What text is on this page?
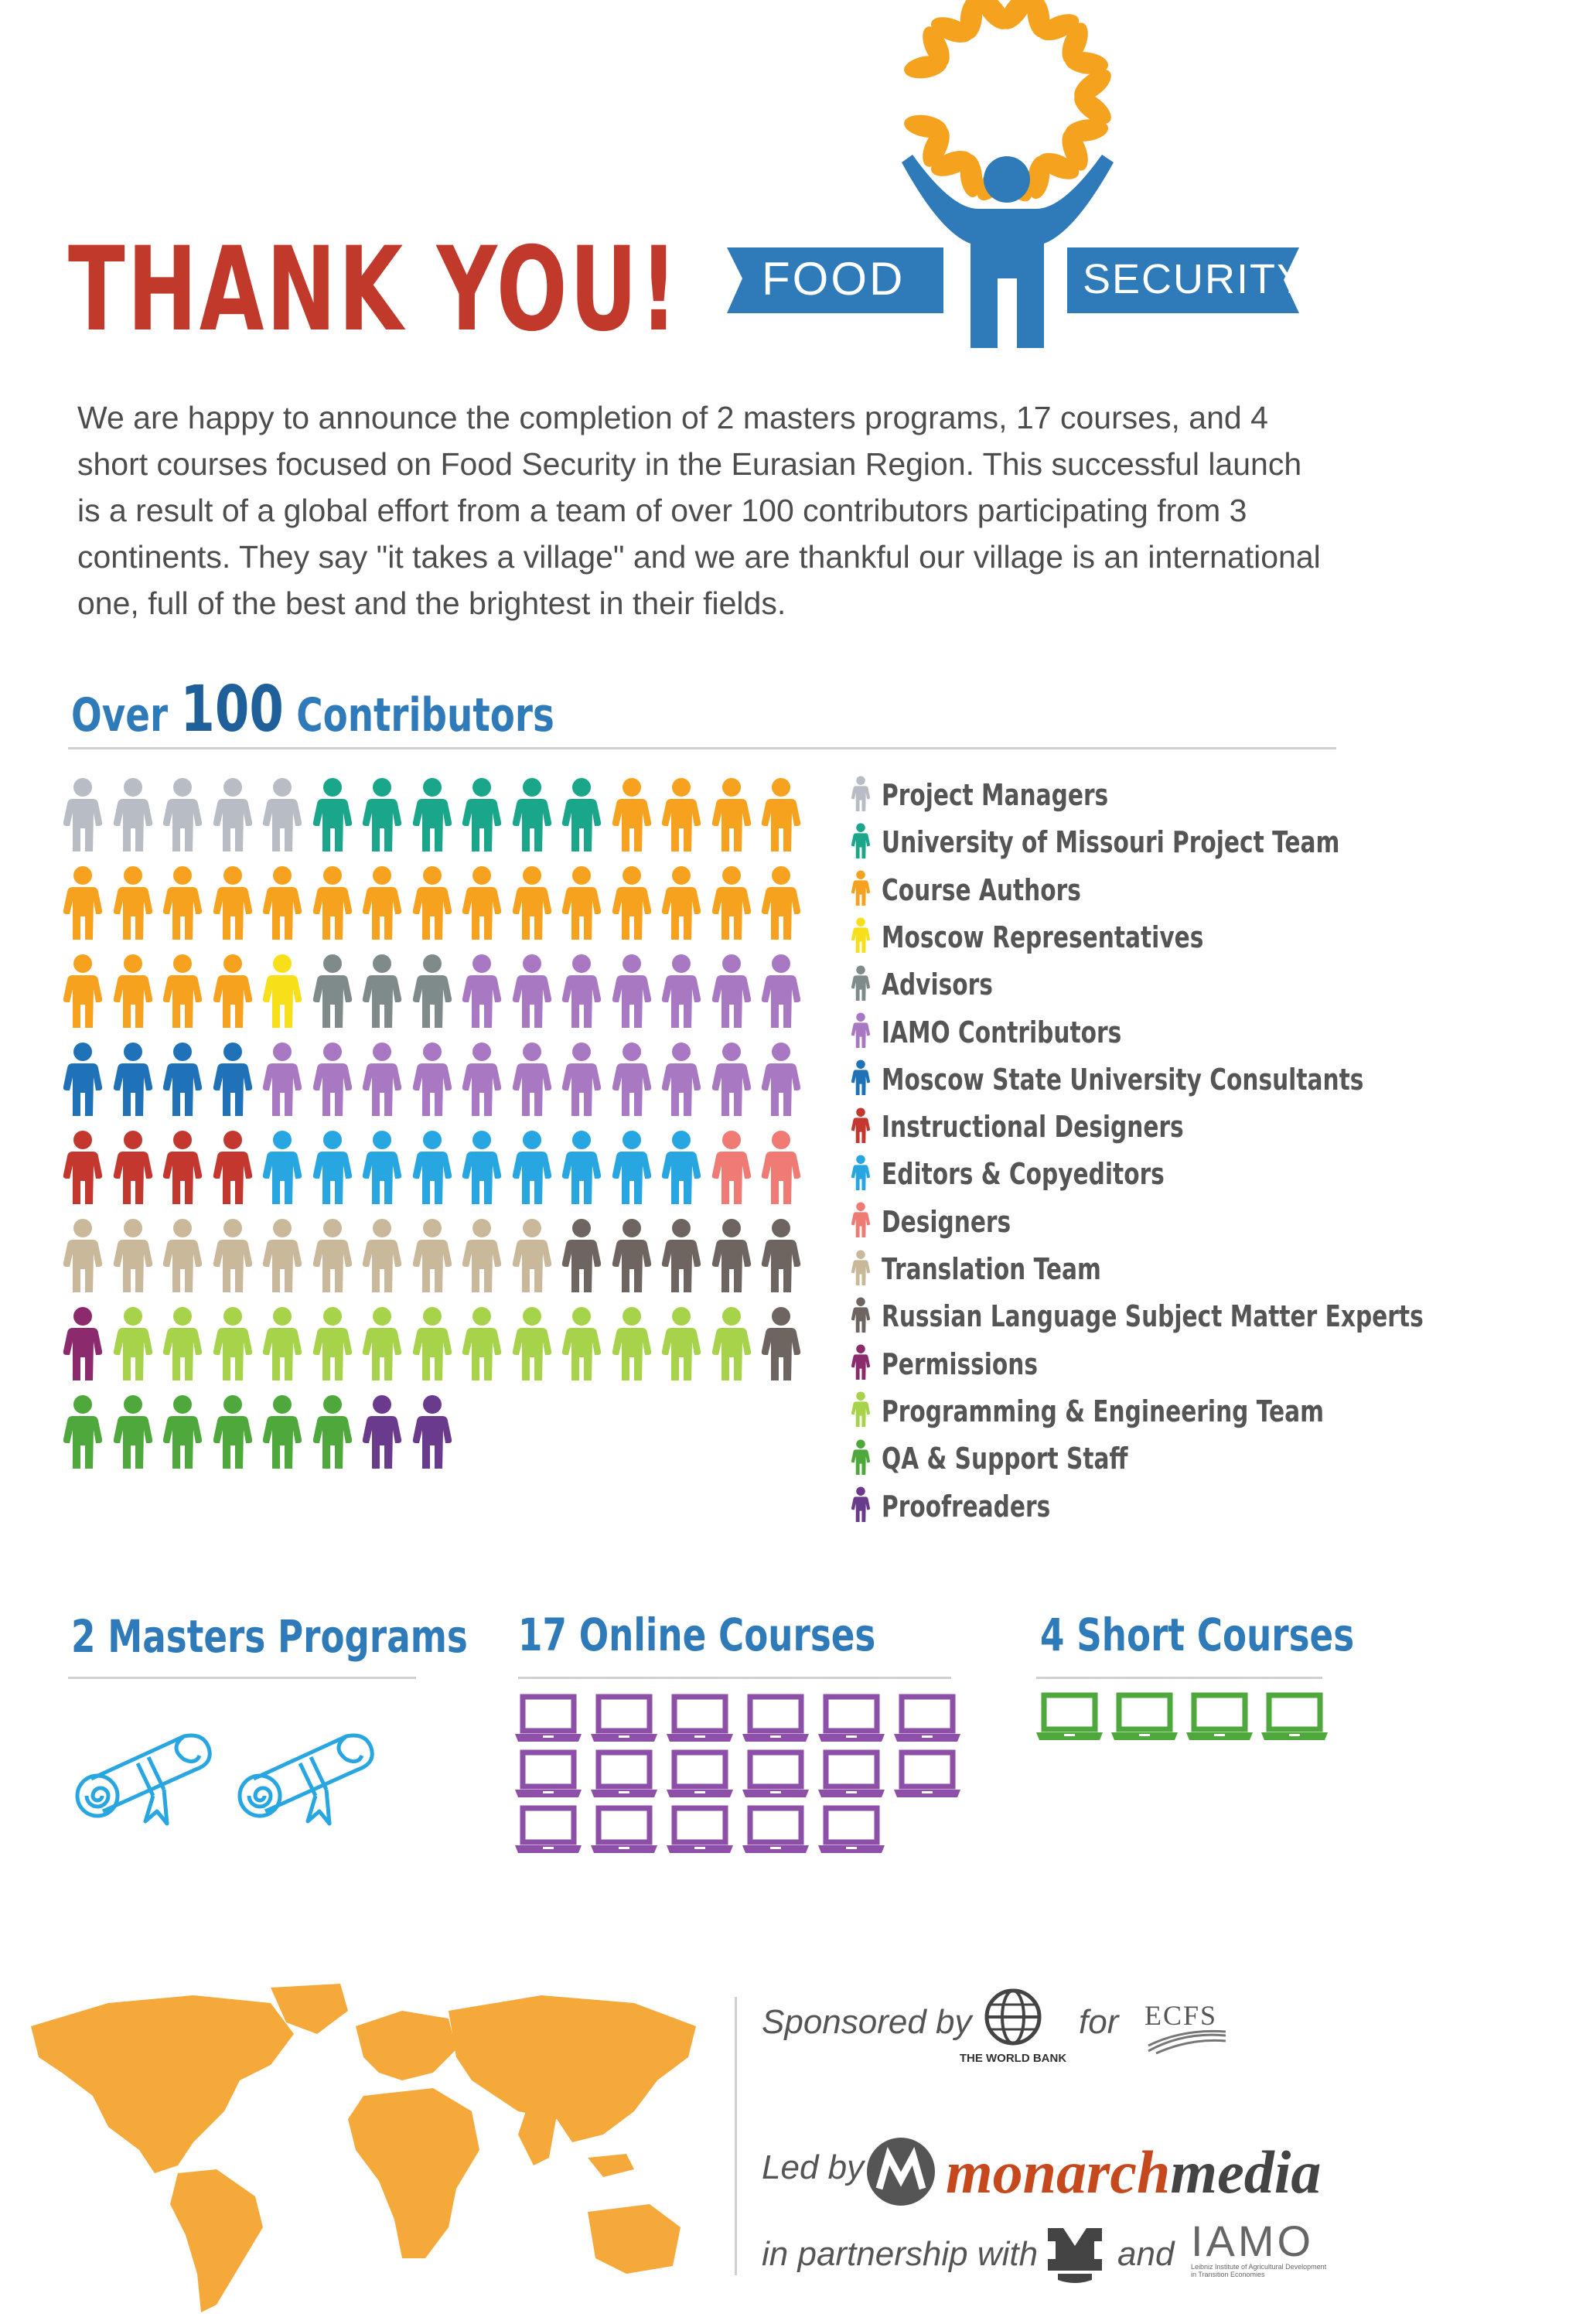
THANK YOU! FOOD	SECURITY
We are happy to announce the completion of 2 masters programs, 17 courses, and 4 short courses focused on Food Security in the Eurasian Region. This successful launch is a result of a global effort from a team of over 100 contributors participating from 3 continents. They say "it takes a village" and we are thankful our village is an international one, full of the best and the brightest in their fields.
Over 100 Contributors
Project Managers
University of Missouri Project Team
Course Authors
Moscow Representatives
Advisors
IAMO Contributors
Moscow State University Consultants
Instructional Designers
Editors & Copyeditors
Designers
Translation Team
Russian Language Subject Matter Experts
Permissions
Programming & Engineering Team
QA & Support Staff
Proofreaders
2 Masters Programs 17 Online Courses	4 Short Courses
Sponsored by
THE WORLD BANK
for ECFS
Led by monarchmedia
in partnership with and IAMO
Leibniz Institute of Agricultural Development
in Transition Economies
